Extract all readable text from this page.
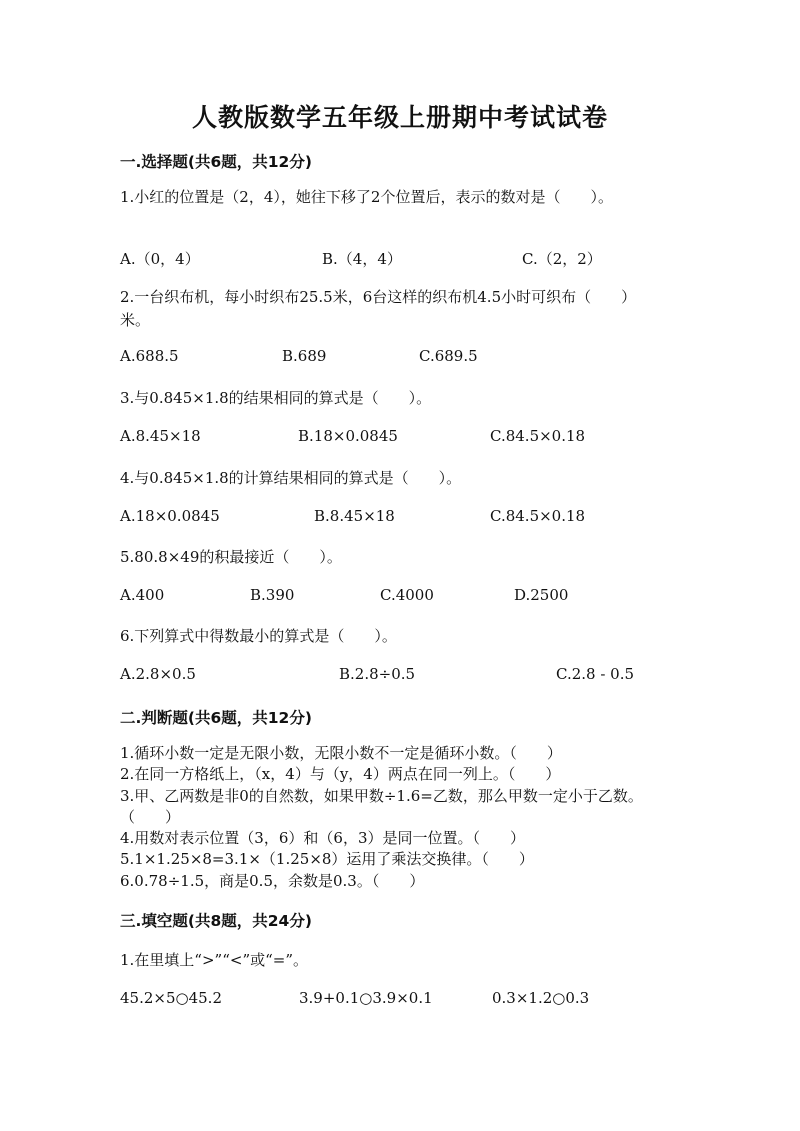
人教版数学五年级上册期中考试试卷
一.选择题(共6题，共12分)

1.小红的位置是（2，4），她往下移了2个位置后，表示的数对是（　　）。

A.（0，4）	B.（4，4）	C.（2，2）

2.一台织布机，每小时织布25.5米，6台这样的织布机4.5小时可织布（　　）米。

A.688.5	B.689	C.689.5

3.与0.845×1.8的结果相同的算式是（　　）。

A.8.45×18	B.18×0.0845	C.84.5×0.18

4.与0.845×1.8的计算结果相同的算式是（　　）。

A.18×0.0845	B.8.45×18	C.84.5×0.18

5.80.8×49的积最接近（　　）。

A.400	B.390	C.4000	D.2500

6.下列算式中得数最小的算式是（　　）。

A.2.8×0.5	B.2.8÷0.5	C.2.8 - 0.5

二.判断题(共6题，共12分)
1.循环小数一定是无限小数，无限小数不一定是循环小数。（　　）
2.在同一方格纸上，（x，4）与（y，4）两点在同一列上。（　　）
3.甲、乙两数是非0的自然数，如果甲数÷1.6=乙数，那么甲数一定小于乙数。（　　）
4.用数对表示位置（3，6）和（6，3）是同一位置。（　　）
5.1×1.25×8=3.1×（1.25×8）运用了乘法交换律。（　　）
6.0.78÷1.5，商是0.5，余数是0.3。（　　）
三.填空题(共8题，共24分)

1.在里填上“>”“<”或“=”。

45.2×5○45.2	3.9+0.1○3.9×0.1	0.3×1.2○0.3
